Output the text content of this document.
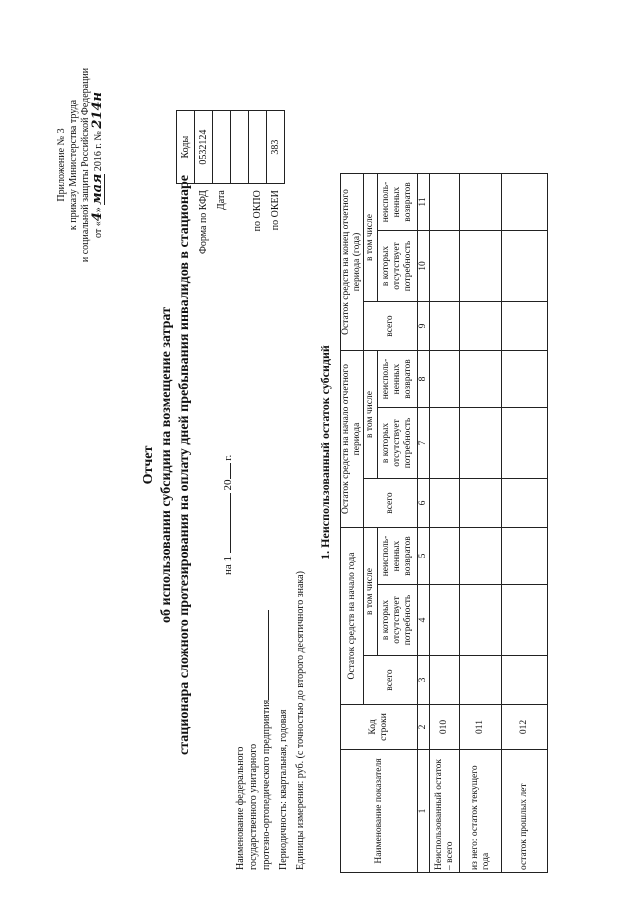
Приложение № 3 к приказу Министерства труда и социальной защиты Российской Федерации от «4» мая 2016 г. № 214н
Отчет об использовании субсидии на возмещение затрат стационара сложного протезирования на оплату дней пребывания инвалидов в стационаре	на 1  20 г.
	Коды
Форма по КФД	0532124
Дата	

по ОКПО	
по ОКЕИ	383
Наименование федерального государственного унитарного протезно-ортопедического предприятия Периодичность: квартальная, годовая Единицы измерения: руб. (с точностью до второго десятичного знака)
1. Неиспользованный остаток субсидий
Наименование показателя	Код строки	Остаток средств на начало года			Остаток средств на начало отчетного периода			Остаток средств на конец отчетного периода (года)		
		всего	в том числе		всего	в том числе		всего	в том числе	
			в которых отсутствует потребность	неисполь- ненных возвратов		в которых отсутствует потребность	неисполь- ненных возвратов		в которых отсутствует потребность	неисполь- ненных возвратов
1	2	3	4	5	6	7	8	9	10	11
Неиспользованный остаток – всего	010									
из него: остаток текущего года	011									
остаток прошлых лет	012									
